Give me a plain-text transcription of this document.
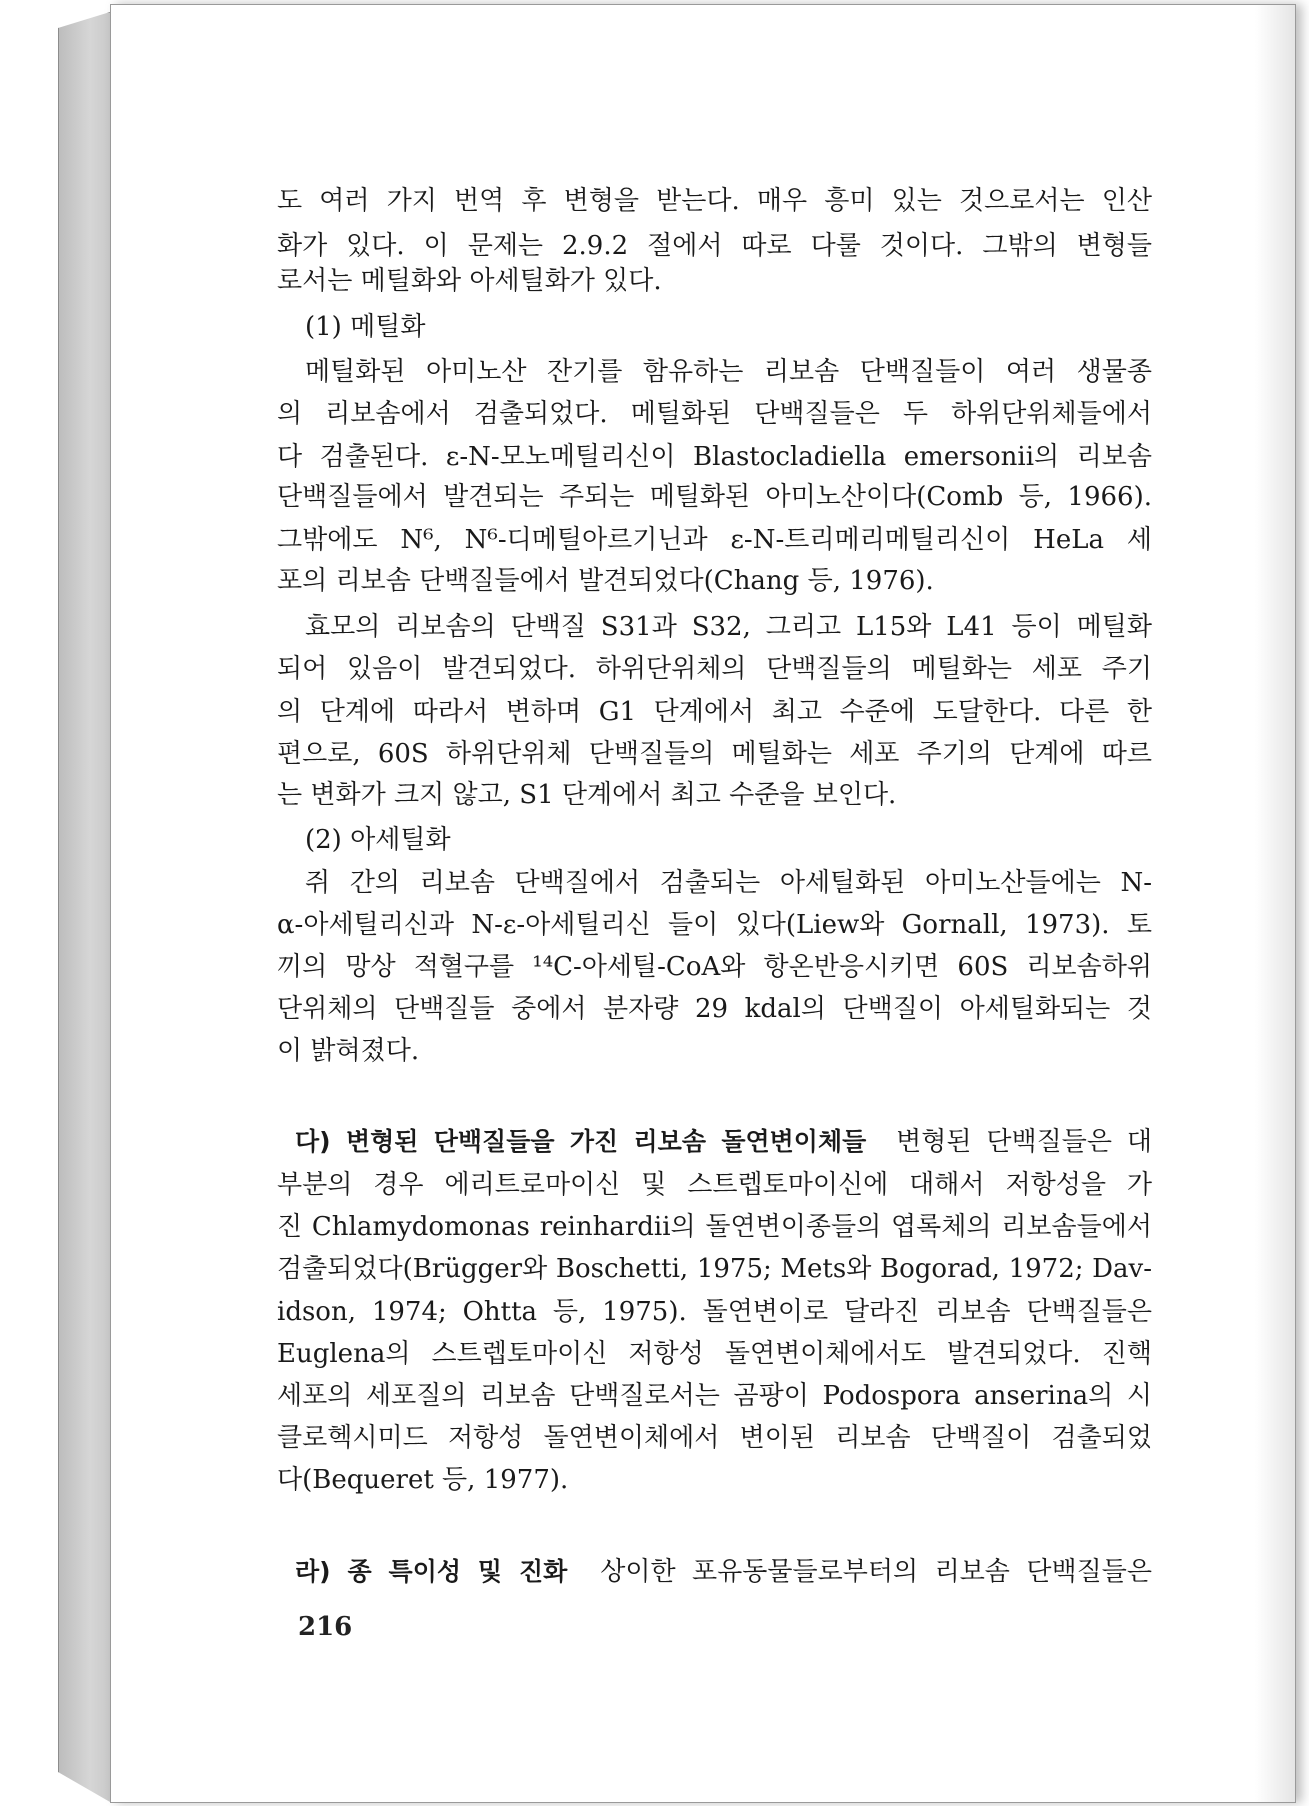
도 여러 가지 번역 후 변형을 받는다. 매우 흥미 있는 것으로서는 인산
화가 있다. 이 문제는 2.9.2 절에서 따로 다룰 것이다. 그밖의 변형들
로서는 메틸화와 아세틸화가 있다.
(1) 메틸화
메틸화된 아미노산 잔기를 함유하는 리보솜 단백질들이 여러 생물종
의 리보솜에서 검출되었다. 메틸화된 단백질들은 두 하위단위체들에서
다 검출된다. ε-N-모노메틸리신이 Blastocladiella emersonii의 리보솜
단백질들에서 발견되는 주되는 메틸화된 아미노산이다(Comb 등, 1966).
그밖에도 N⁶, N⁶-디메틸아르기닌과 ε-N-트리메리메틸리신이 HeLa 세
포의 리보솜 단백질들에서 발견되었다(Chang 등, 1976).
효모의 리보솜의 단백질 S31과 S32, 그리고 L15와 L41 등이 메틸화
되어 있음이 발견되었다. 하위단위체의 단백질들의 메틸화는 세포 주기
의 단계에 따라서 변하며 G1 단계에서 최고 수준에 도달한다. 다른 한
편으로, 60S 하위단위체 단백질들의 메틸화는 세포 주기의 단계에 따르
는 변화가 크지 않고, S1 단계에서 최고 수준을 보인다.
(2) 아세틸화
쥐 간의 리보솜 단백질에서 검출되는 아세틸화된 아미노산들에는 N-
α-아세틸리신과 N-ε-아세틸리신 들이 있다(Liew와 Gornall, 1973). 토
끼의 망상 적혈구를 ¹⁴C-아세틸-CoA와 항온반응시키면 60S 리보솜하위
단위체의 단백질들 중에서 분자량 29 kdal의 단백질이 아세틸화되는 것
이 밝혀졌다.
다) 변형된 단백질들을 가진 리보솜 돌연변이체들 변형된 단백질들은 대
부분의 경우 에리트로마이신 및 스트렙토마이신에 대해서 저항성을 가
진 Chlamydomonas reinhardii의 돌연변이종들의 엽록체의 리보솜들에서
검출되었다(Brügger와 Boschetti, 1975; Mets와 Bogorad, 1972; Dav-
idson, 1974; Ohtta 등, 1975). 돌연변이로 달라진 리보솜 단백질들은
Euglena의 스트렙토마이신 저항성 돌연변이체에서도 발견되었다. 진핵
세포의 세포질의 리보솜 단백질로서는 곰팡이 Podospora anserina의 시
클로헥시미드 저항성 돌연변이체에서 변이된 리보솜 단백질이 검출되었
다(Bequeret 등, 1977).
라) 종 특이성 및 진화 상이한 포유동물들로부터의 리보솜 단백질들은
216
